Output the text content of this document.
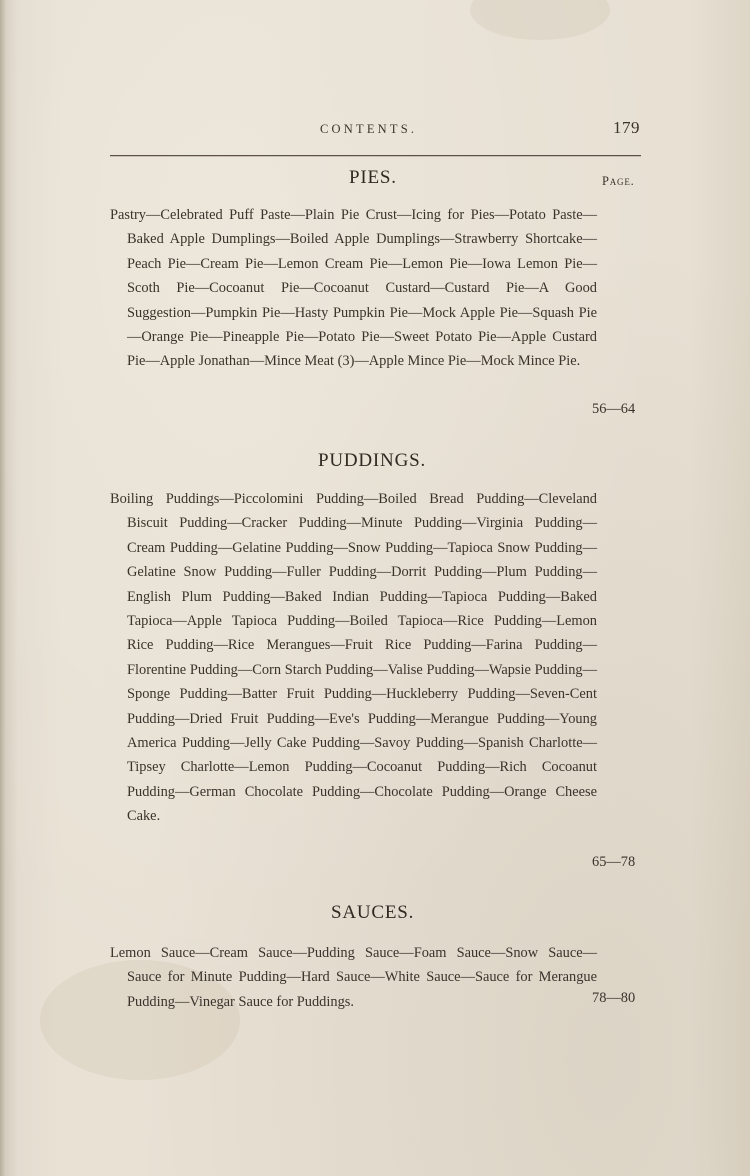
CONTENTS.	179
Page.
PIES.
Pastry—Celebrated Puff Paste—Plain Pie Crust—Icing for Pies—Potato Paste—Baked Apple Dumplings—Boiled Apple Dumplings—Strawberry Shortcake—Peach Pie—Cream Pie—Lemon Cream Pie—Lemon Pie—Iowa Lemon Pie—Scoth Pie—Cocoanut Pie—Cocoanut Custard—Custard Pie—A Good Suggestion—Pumpkin Pie—Hasty Pumpkin Pie—Mock Apple Pie—Squash Pie—Orange Pie—Pineapple Pie—Potato Pie—Sweet Potato Pie—Apple Custard Pie—Apple Jonathan—Mince Meat (3)—Apple Mince Pie—Mock Mince Pie.
56—64
PUDDINGS.
Boiling Puddings—Piccolomini Pudding—Boiled Bread Pudding—Cleveland Biscuit Pudding—Cracker Pudding—Minute Pudding—Virginia Pudding—Cream Pudding—Gelatine Pudding—Snow Pudding—Tapioca Snow Pudding—Gelatine Snow Pudding—Fuller Pudding—Dorrit Pudding—Plum Pudding—English Plum Pudding—Baked Indian Pudding—Tapioca Pudding—Baked Tapioca—Apple Tapioca Pudding—Boiled Tapioca—Rice Pudding—Lemon Rice Pudding—Rice Merangues—Fruit Rice Pudding—Farina Pudding—Florentine Pudding—Corn Starch Pudding—Valise Pudding—Wapsie Pudding—Sponge Pudding—Batter Fruit Pudding—Huckleberry Pudding—Seven-Cent Pudding—Dried Fruit Pudding—Eve's Pudding—Merangue Pudding—Young America Pudding—Jelly Cake Pudding—Savoy Pudding—Spanish Charlotte—Tipsey Charlotte—Lemon Pudding—Cocoanut Pudding—Rich Cocoanut Pudding—German Chocolate Pudding—Chocolate Pudding—Orange Cheese Cake.
65—78
SAUCES.
Lemon Sauce—Cream Sauce—Pudding Sauce—Foam Sauce—Snow Sauce—Sauce for Minute Pudding—Hard Sauce—White Sauce—Sauce for Merangue Pudding—Vinegar Sauce for Puddings.	78—80
